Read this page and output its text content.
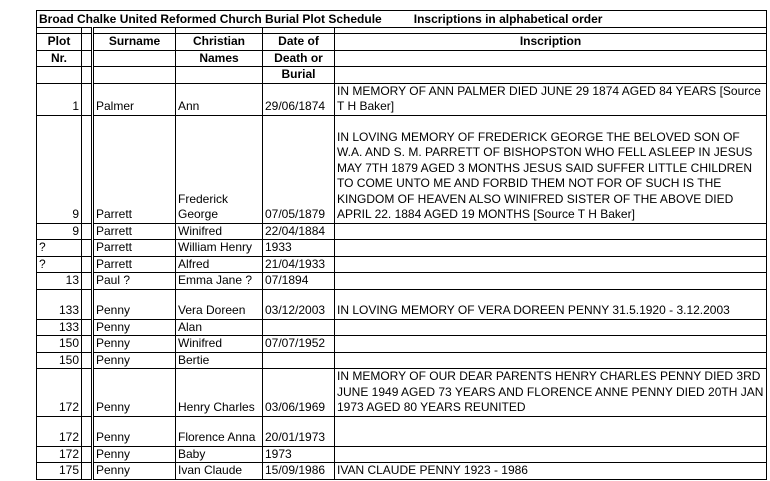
Broad Chalke United Reformed Church Burial Plot Schedule Inscriptions in alphabetical order					

Plot		Surname	Christian	Date of	Inscription
Nr.			Names	Death or	
				Burial	
1		Palmer	Ann	29/06/1874	IN MEMORY OF ANN PALMER DIED JUNE 29 1874 AGED 84 YEARS [Source T H Baker]
9		Parrett	Frederick George	07/05/1879	IN LOVING MEMORY OF FREDERICK GEORGE THE BELOVED SON OF W.A. AND S. M. PARRETT OF BISHOPSTON WHO FELL ASLEEP IN JESUS MAY 7TH 1879 AGED 3 MONTHS JESUS SAID SUFFER LITTLE CHILDREN TO COME UNTO ME AND FORBID THEM NOT FOR OF SUCH IS THE KINGDOM OF HEAVEN ALSO WINIFRED SISTER OF THE ABOVE DIED APRIL 22. 1884 AGED 19 MONTHS [Source T H Baker]
9		Parrett	Winifred	22/04/1884	
?		Parrett	William Henry	1933	
?		Parrett	Alfred	21/04/1933	
13		Paul ?	Emma Jane ?	07/1894	
133		Penny	Vera Doreen	03/12/2003	IN LOVING MEMORY OF VERA DOREEN PENNY 31.5.1920 - 3.12.2003
133		Penny	Alan		
150		Penny	Winifred	07/07/1952	
150		Penny	Bertie		
172		Penny	Henry Charles	03/06/1969	IN MEMORY OF OUR DEAR PARENTS HENRY CHARLES PENNY DIED 3RD JUNE 1949 AGED 73 YEARS AND FLORENCE ANNE PENNY DIED 20TH JAN 1973 AGED 80 YEARS REUNITED
172		Penny	Florence Anna	20/01/1973	
172		Penny	Baby	1973	
175		Penny	Ivan Claude	15/09/1986	IVAN CLAUDE PENNY 1923 - 1986
